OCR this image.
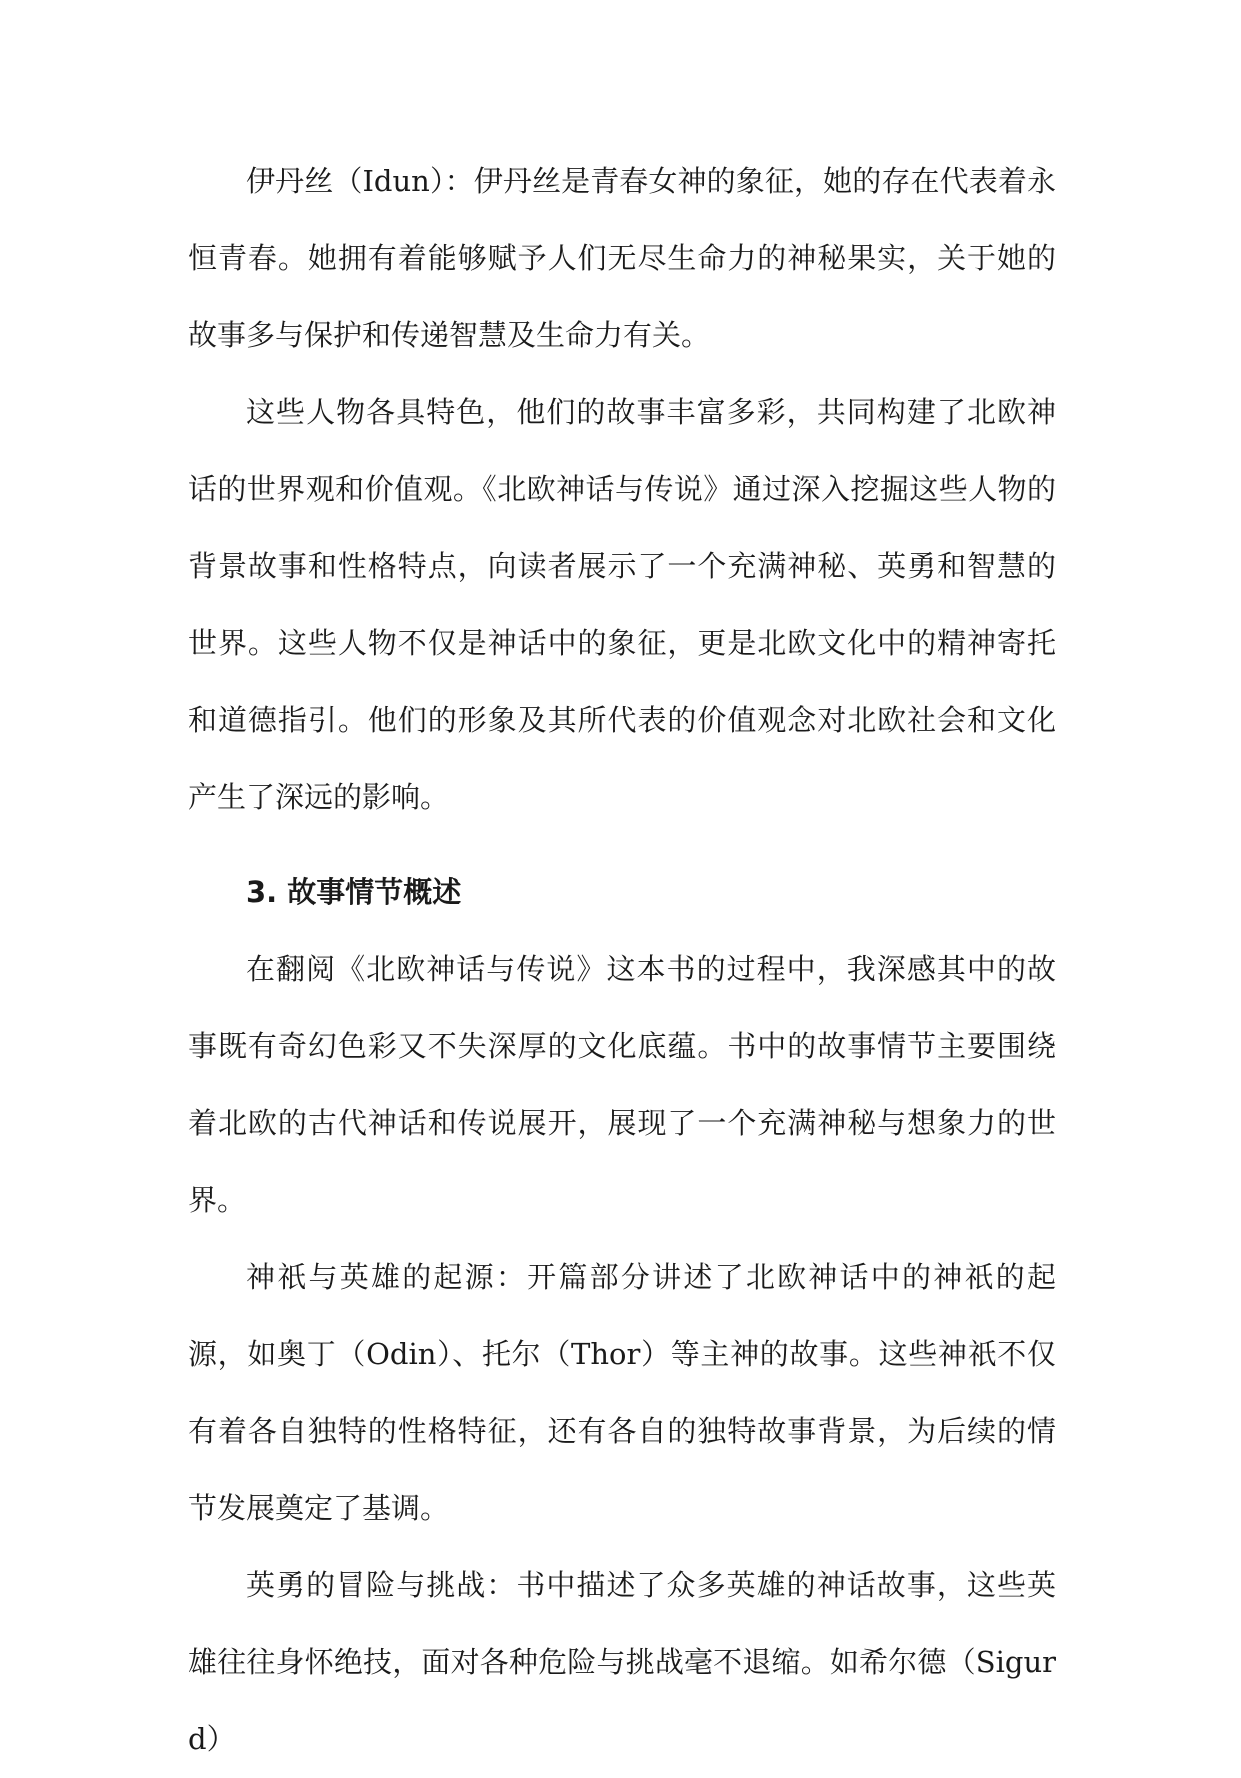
伊丹丝（Idun）：伊丹丝是青春女神的象征，她的存在代表着永恒青春。她拥有着能够赋予人们无尽生命力的神秘果实，关于她的故事多与保护和传递智慧及生命力有关。

这些人物各具特色，他们的故事丰富多彩，共同构建了北欧神话的世界观和价值观。《北欧神话与传说》通过深入挖掘这些人物的背景故事和性格特点，向读者展示了一个充满神秘、英勇和智慧的世界。这些人物不仅是神话中的象征，更是北欧文化中的精神寄托和道德指引。他们的形象及其所代表的价值观念对北欧社会和文化产生了深远的影响。

3. 故事情节概述

在翻阅《北欧神话与传说》这本书的过程中，我深感其中的故事既有奇幻色彩又不失深厚的文化底蕴。书中的故事情节主要围绕着北欧的古代神话和传说展开，展现了一个充满神秘与想象力的世界。

神祇与英雄的起源：开篇部分讲述了北欧神话中的神祇的起源，如奥丁（Odin）、托尔（Thor）等主神的故事。这些神祇不仅有着各自独特的性格特征，还有各自的独特故事背景，为后续的情节发展奠定了基调。

英勇的冒险与挑战：书中描述了众多英雄的神话故事，这些英雄往往身怀绝技，面对各种危险与挑战毫不退缩。如希尔德（Sigurd）
